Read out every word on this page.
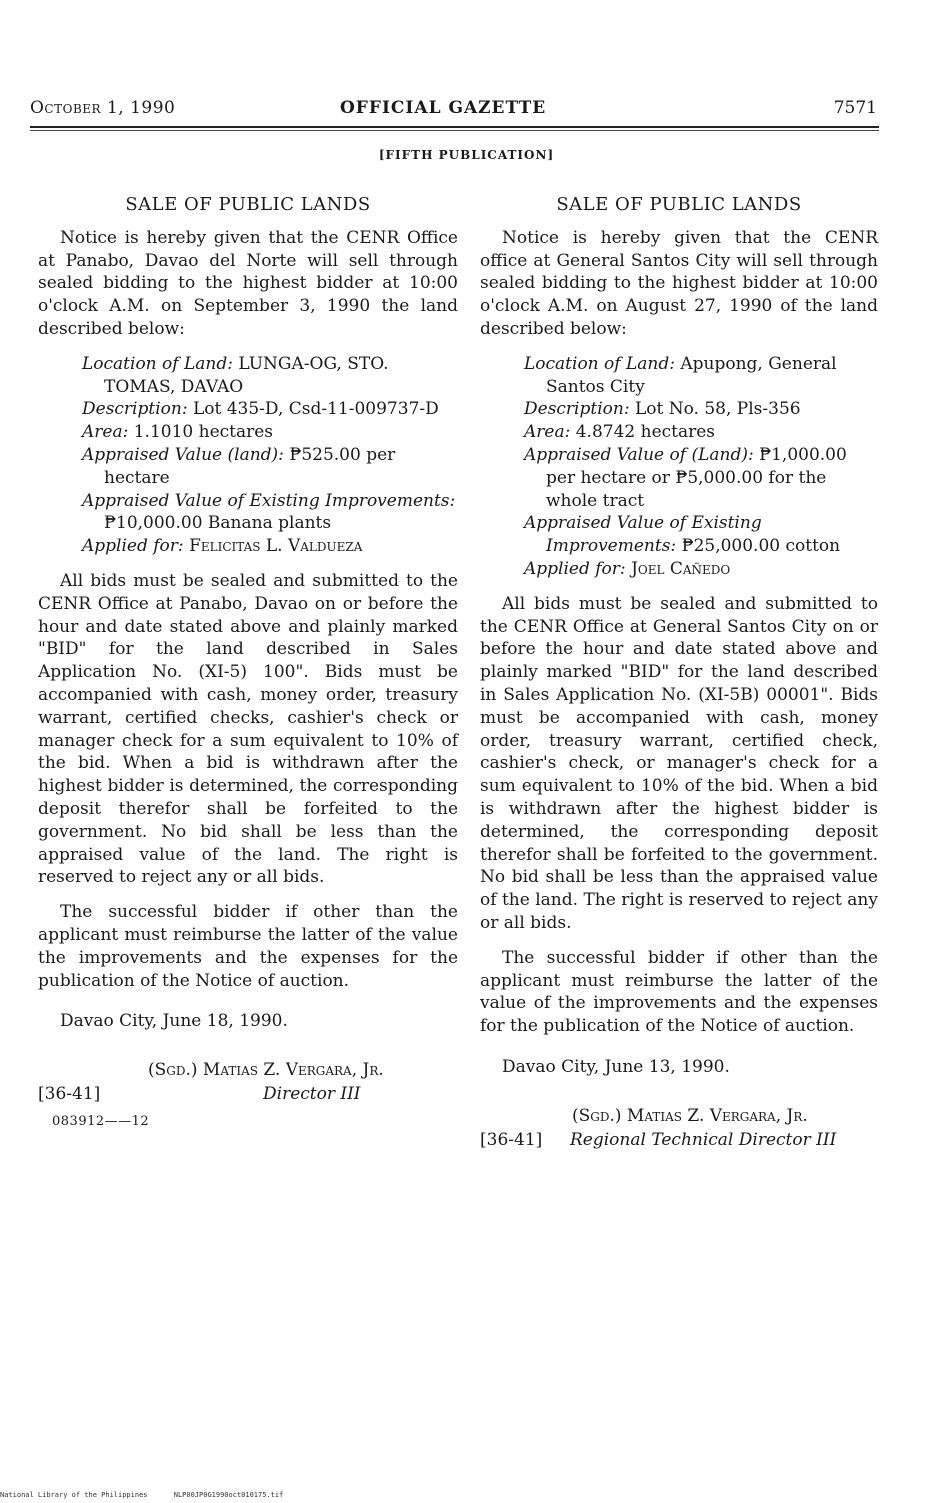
October 1, 1990	OFFICIAL GAZETTE	7571
[FIFTH PUBLICATION]
SALE OF PUBLIC LANDS

Notice is hereby given that the CENR Office at Panabo, Davao del Norte will sell through sealed bidding to the highest bidder at 10:00 o'clock A.M. on September 3, 1990 the land described below:

Location of Land: LUNGA-OG, STO. TOMAS, DAVAO
Description: Lot 435-D, Csd-11-009737-D
Area: 1.1010 hectares
Appraised Value (land): ₱525.00 per hectare
Appraised Value of Existing Improvements: ₱10,000.00 Banana plants
Applied for: Felicitas L. Valdueza

All bids must be sealed and submitted to the CENR Office at Panabo, Davao on or before the hour and date stated above and plainly marked "BID" for the land described in Sales Application No. (XI-5) 100". Bids must be accompanied with cash, money order, treasury warrant, certified checks, cashier's check or manager check for a sum equivalent to 10% of the bid. When a bid is withdrawn after the highest bidder is determined, the corresponding deposit therefor shall be forfeited to the government. No bid shall be less than the appraised value of the land. The right is reserved to reject any or all bids.

The successful bidder if other than the applicant must reimburse the latter of the value the improvements and the expenses for the publication of the Notice of auction.

Davao City, June 18, 1990.

(Sgd.) Matias Z. Vergara, Jr.
[36-41]	Director III
083912——12
SALE OF PUBLIC LANDS

Notice is hereby given that the CENR office at General Santos City will sell through sealed bidding to the highest bidder at 10:00 o'clock A.M. on August 27, 1990 of the land described below:

Location of Land: Apupong, General Santos City
Description: Lot No. 58, Pls-356
Area: 4.8742 hectares
Appraised Value of (Land): ₱1,000.00 per hectare or ₱5,000.00 for the whole tract
Appraised Value of Existing Improvements: ₱25,000.00 cotton
Applied for: Joel Cañedo

All bids must be sealed and submitted to the CENR Office at General Santos City on or before the hour and date stated above and plainly marked "BID" for the land described in Sales Application No. (XI-5B) 00001". Bids must be accompanied with cash, money order, treasury warrant, certified check, cashier's check, or manager's check for a sum equivalent to 10% of the bid. When a bid is withdrawn after the highest bidder is determined, the corresponding deposit therefor shall be forfeited to the government. No bid shall be less than the appraised value of the land. The right is reserved to reject any or all bids.

The successful bidder if other than the applicant must reimburse the latter of the value of the improvements and the expenses for the publication of the Notice of auction.

Davao City, June 13, 1990.

(Sgd.) Matias Z. Vergara, Jr.
[36-41] Regional Technical Director III
National Library of the Philippines	NLP00JP0G1990oct010175.tif
